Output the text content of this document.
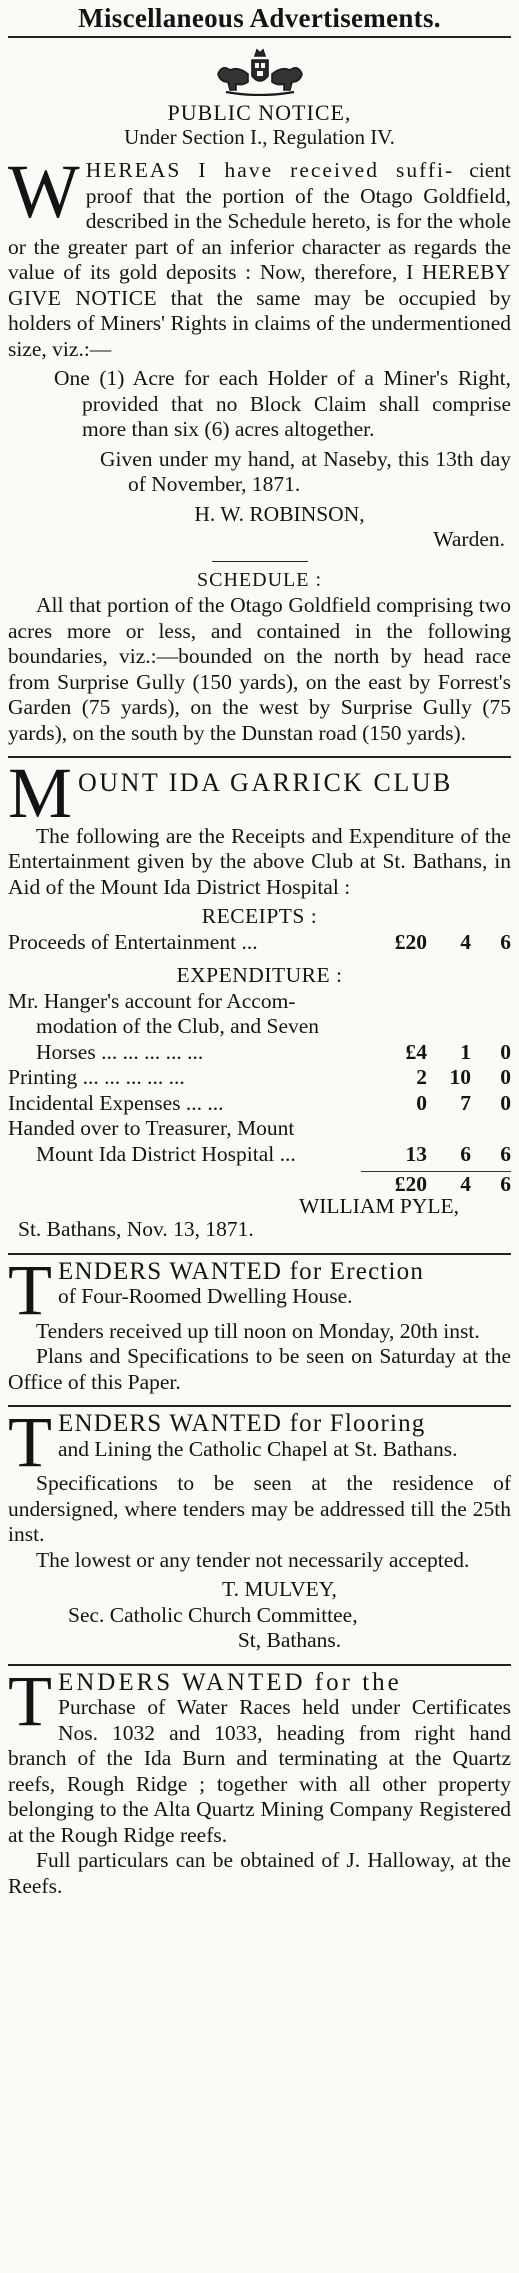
Miscellaneous Advertisements.
PUBLIC NOTICE,
Under Section I., Regulation IV.

WHEREAS I have received suffi- cient proof that the portion of the Otago Goldfield, described in the Schedule hereto, is for the whole or the greater part of an inferior character as regards the value of its gold deposits : Now, therefore, I HEREBY GIVE NOTICE that the same may be occupied by holders of Miners' Rights in claims of the undermentioned size, viz.:—

One (1) Acre for each Holder of a Miner's Right, provided that no Block Claim shall comprise more than six (6) acres altogether.

Given under my hand, at Naseby, this 13th day of November, 1871.

H. W. ROBINSON,

Warden.

SCHEDULE :

All that portion of the Otago Goldfield comprising two acres more or less, and contained in the following boundaries, viz.:—bounded on the north by head race from Surprise Gully (150 yards), on the east by Forrest's Garden (75 yards), on the west by Surprise Gully (75 yards), on the south by the Dunstan road (150 yards).

M OUNT IDA GARRICK CLUB

The following are the Receipts and Expenditure of the Entertainment given by the above Club at St. Bathans, in Aid of the Mount Ida District Hospital :

RECEIPTS :
Proceeds of Entertainment ...	£20	4	6
EXPENDITURE :
Mr. Hanger's account for Accom-
modation of the Club, and Seven
Horses ... ... ... ... ...	£4	1	0
Printing ... ... ... ... ...	2	10	0
Incidental Expenses ... ...	0	7	0
Handed over to Treasurer, Mount
Mount Ida District Hospital ...	13	6	6
£20	4	6
WILLIAM PYLE,
St. Bathans, Nov. 13, 1871.
T ENDERS WANTED for Erection
of Four-Roomed Dwelling House.

Tenders received up till noon on Monday, 20th inst.

Plans and Specifications to be seen on Saturday at the Office of this Paper.

T ENDERS WANTED for Flooring
and Lining the Catholic Chapel at St. Bathans.

Specifications to be seen at the residence of undersigned, where tenders may be addressed till the 25th inst.

The lowest or any tender not necessarily accepted.

T. MULVEY,
Sec. Catholic Church Committee,
St, Bathans.
T ENDERS WANTED for the
Purchase of Water Races held under Certificates Nos. 1032 and 1033, heading from right hand branch of the Ida Burn and terminating at the Quartz reefs, Rough Ridge ; together with all other property belonging to the Alta Quartz Mining Company Registered at the Rough Ridge reefs.

Full particulars can be obtained of J. Halloway, at the Reefs.
